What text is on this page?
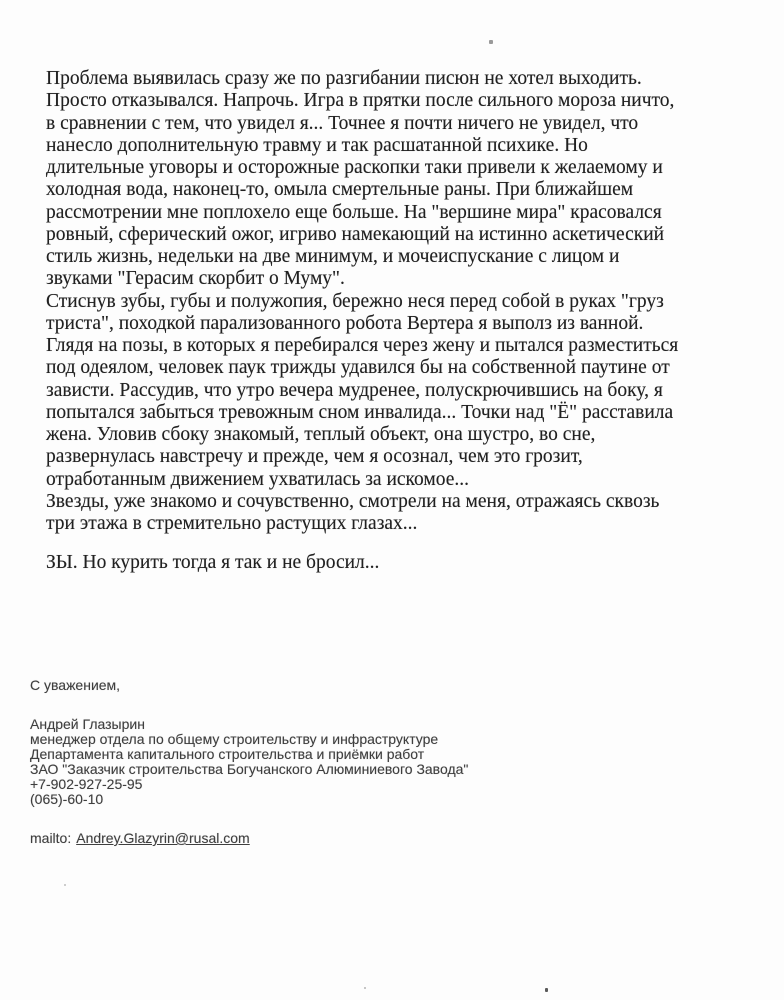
Проблема выявилась сразу же по разгибании писюн не хотел выходить.

Просто отказывался. Напрочь. Игра в прятки после сильного мороза ничто,

в сравнении с тем, что увидел я... Точнее я почти ничего не увидел, что

нанесло дополнительную травму и так расшатанной психике. Но

длительные уговоры и осторожные раскопки таки привели к желаемому и

холодная вода, наконец-то, омыла смертельные раны. При ближайшем

рассмотрении мне поплохело еще больше. На "вершине мира" красовался

ровный, сферический ожог, игриво намекающий на истинно аскетический

стиль жизнь, недельки на две минимум, и мочеиспускание с лицом и

звуками "Герасим скорбит о Муму".

Стиснув зубы, губы и полужопия, бережно неся перед собой в руках "груз

триста", походкой парализованного робота Вертера я выполз из ванной.

Глядя на позы, в которых я перебирался через жену и пытался разместиться

под одеялом, человек паук трижды удавился бы на собственной паутине от

зависти. Рассудив, что утро вечера мудренее, полускрючившись на боку, я

попытался забыться тревожным сном инвалида... Точки над "Ё" расставила

жена. Уловив сбоку знакомый, теплый объект, она шустро, во сне,

развернулась навстречу и прежде, чем я осознал, чем это грозит,

отработанным движением ухватилась за искомое...

Звезды, уже знакомо и сочувственно, смотрели на меня, отражаясь сквозь

три этажа в стремительно растущих глазах...

ЗЫ. Но курить тогда я так и не бросил...

С уважением,

Андрей Глазырин

менеджер отдела по общему строительству и инфраструктуре

Департамента капитального строительства и приёмки работ

ЗАО "Заказчик строительства Богучанского Алюминиевого Завода"

+7-902-927-25-95

(065)-60-10

mailto: Andrey.Glazyrin@rusal.com
